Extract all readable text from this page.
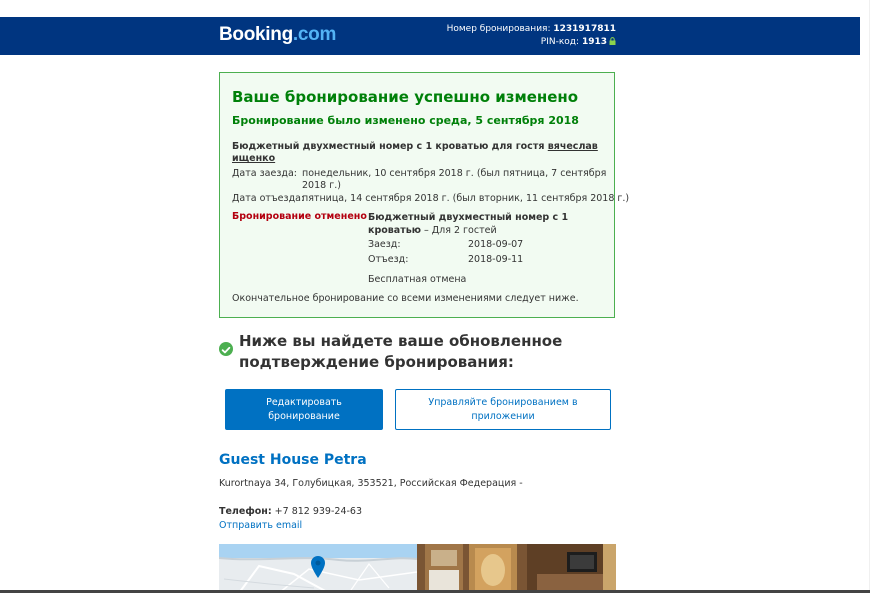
Booking.com	Номер бронирования: 1231917811
PIN-код: 1913
Ваше бронирование успешно изменено
Бронирование было изменено среда, 5 сентября 2018
Бюджетный двухместный номер с 1 кроватью для гостя вячеслав ищенко
Дата заезда: понедельник, 10 сентября 2018 г. (был пятница, 7 сентября 2018 г.)
Дата отъезда:
пятница, 14 сентября 2018 г. (был вторник, 11 сентября 2018 г.)
Бронирование отменено Бюджетный двухместный номер с 1 кроватью – Для 2 гостей
Заезд:	2018-09-07
Отъезд:	2018-09-11
Бесплатная отмена
Окончательное бронирование со всеми изменениями следует ниже.
Ниже вы найдете ваше обновленное подтверждение бронирования:
Редактировать бронирование
Управляйте бронированием в приложении
Guest House Petra
Kurortnaya 34, Голубицкая, 353521, Российская Федерация -
Телефон: +7 812 939-24-63
Отправить email
